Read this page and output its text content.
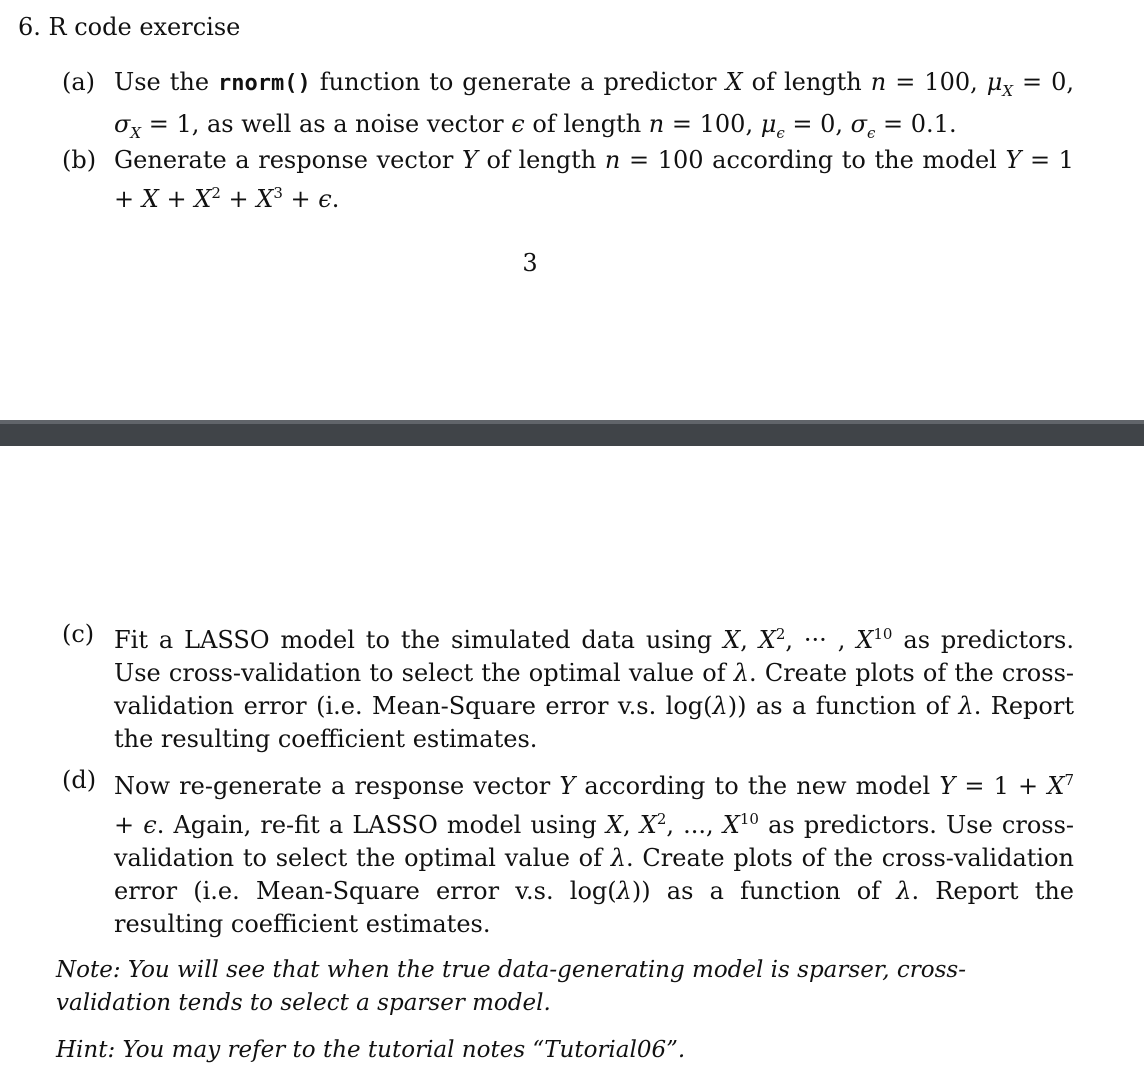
6. R code exercise
(a) Use the rnorm() function to generate a predictor X of length n = 100, $\mu_X = 0$, $\sigma_X = 1$, as well as a noise vector ϵ of length n = 100, $\mu_\epsilon = 0$, $\sigma_\epsilon = 0.1$.
(b) Generate a response vector Y of length n = 100 according to the model $Y = 1 + X + X^2 + X^3 + \epsilon$.
3
(c) Fit a LASSO model to the simulated data using X, $X^2$, ··· , $X^{10}$ as predictors. Use cross-validation to select the optimal value of λ. Create plots of the cross-validation error (i.e. Mean-Square error v.s. log(λ)) as a function of λ. Report the resulting coefficient estimates.
(d) Now re-generate a response vector Y according to the new model $Y = 1 + X^7 + \epsilon$. Again, re-fit a LASSO model using X, $X^2$, ..., $X^{10}$ as predictors. Use cross-validation to select the optimal value of λ. Create plots of the cross-validation error (i.e. Mean-Square error v.s. log(λ)) as a function of λ. Report the resulting coefficient estimates.
Note: You will see that when the true data-generating model is sparser, cross-validation tends to select a sparser model.
Hint: You may refer to the tutorial notes “Tutorial06”.
